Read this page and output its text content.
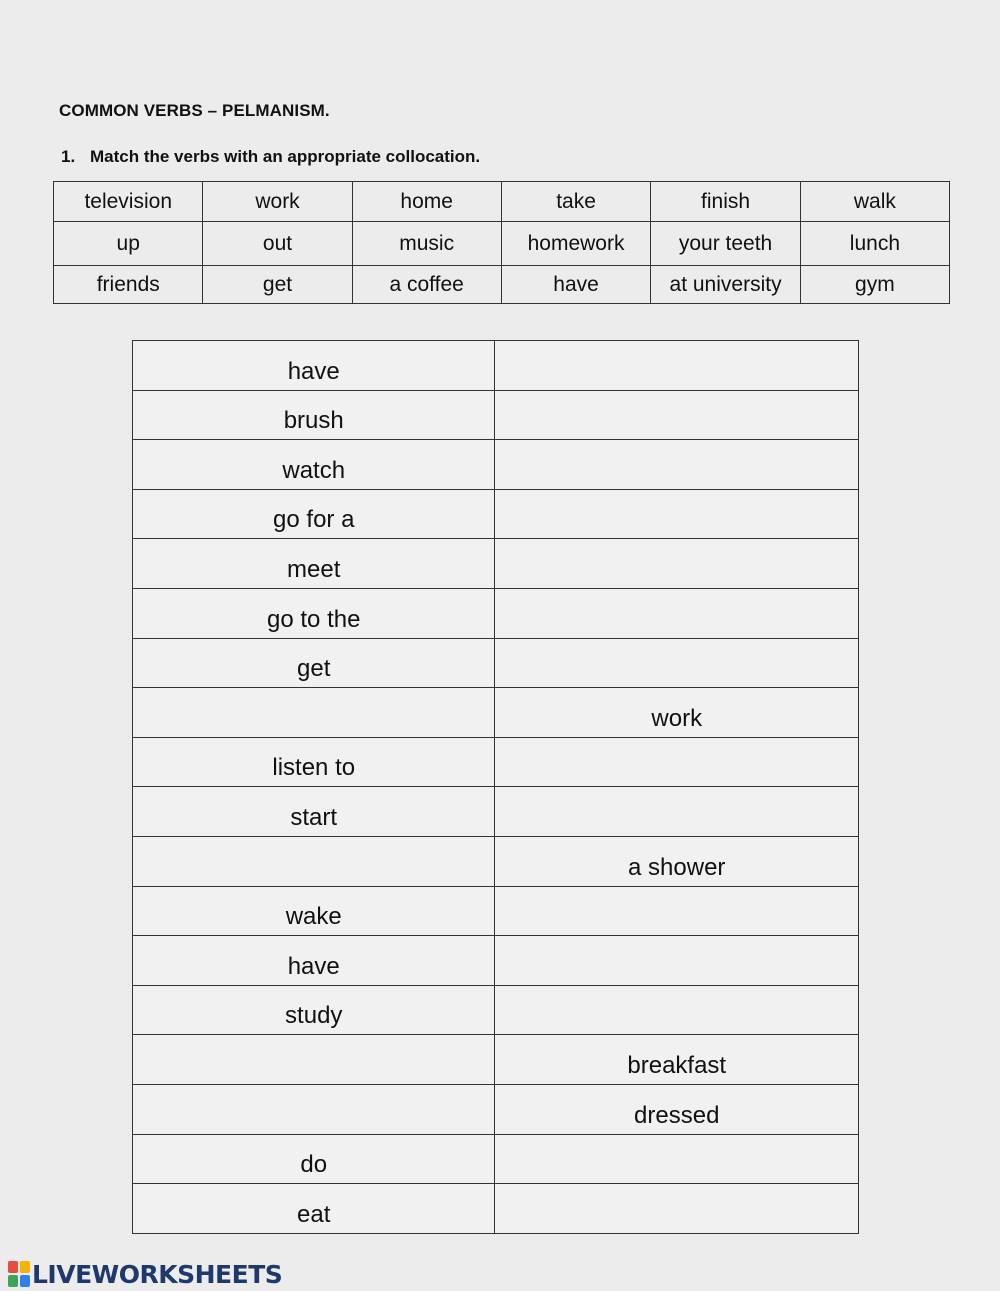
COMMON VERBS – PELMANISM.
1. Match the verbs with an appropriate collocation.
television	work	home	take	finish	walk
up	out	music	homework	your teeth	lunch
friends	get	a coffee	have	at university	gym
have	
brush	
watch	
go for a	
meet	
go to the	
get	
	work
listen to	
start	
	a shower
wake	
have	
study	
	breakfast
	dressed
do	
eat	
LIVEWORKSHEETS
